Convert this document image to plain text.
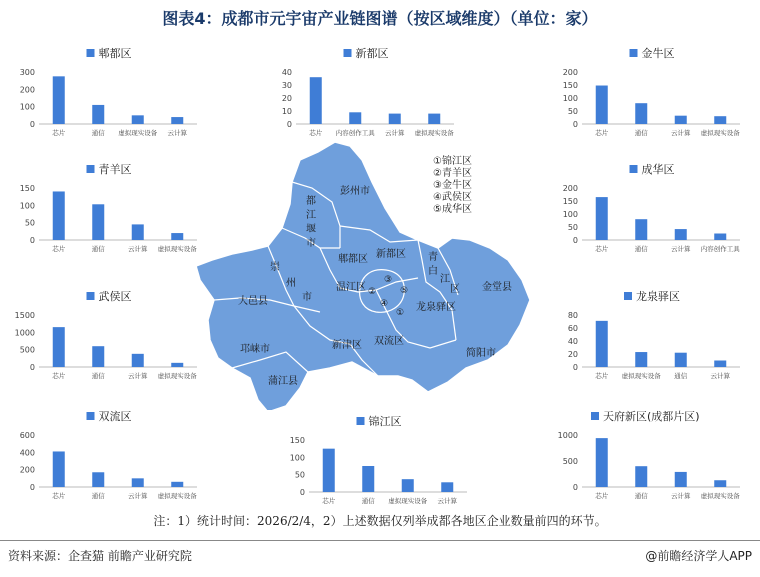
图表4：成都市元宇宙产业链图谱（按区域维度）（单位：家）
郫都区
0
100
200
300
芯片	通信 虚拟现实设备 云计算
新都区
0
10
20
30
40
芯片 内容创作工具 云计算 虚拟现实设备
金牛区
0
50
100
150
200
芯片	通信	云计算 虚拟现实设备
青羊区
0
50
100
150
芯片	通信	云计算 虚拟现实设备
成华区
0
50
100
150
200
芯片	通信	云计算 内容创作工具
武侯区
0
500
1000
1500
芯片	通信	云计算 虚拟现实设备
龙泉驿区
0
20
40
60
80
芯片 虚拟现实设备 通信	云计算
双流区
0
200
400
600
芯片	通信	云计算 虚拟现实设备
锦江区
0
50
100
150
芯片	通信 虚拟现实设备 云计算
天府新区(成都片区)
0
500
1000
芯片	通信	云计算 虚拟现实设备
彭州市
都
江
堰
市
郫都区 新都区 青
白
江
区
崇
州
市
大邑县
温江区	金堂县
龙泉驿区
邛崃市	新津区 双流区
简阳市
蒲江县
①
②
③
④
⑤
①锦江区
②青羊区
③金牛区
④武侯区
⑤成华区
注：1）统计时间：2026/2/4，2）上述数据仅列举成都各地区企业数量前四的环节。
资料来源：企查猫 前瞻产业研究院	@前瞻经济学人APP
